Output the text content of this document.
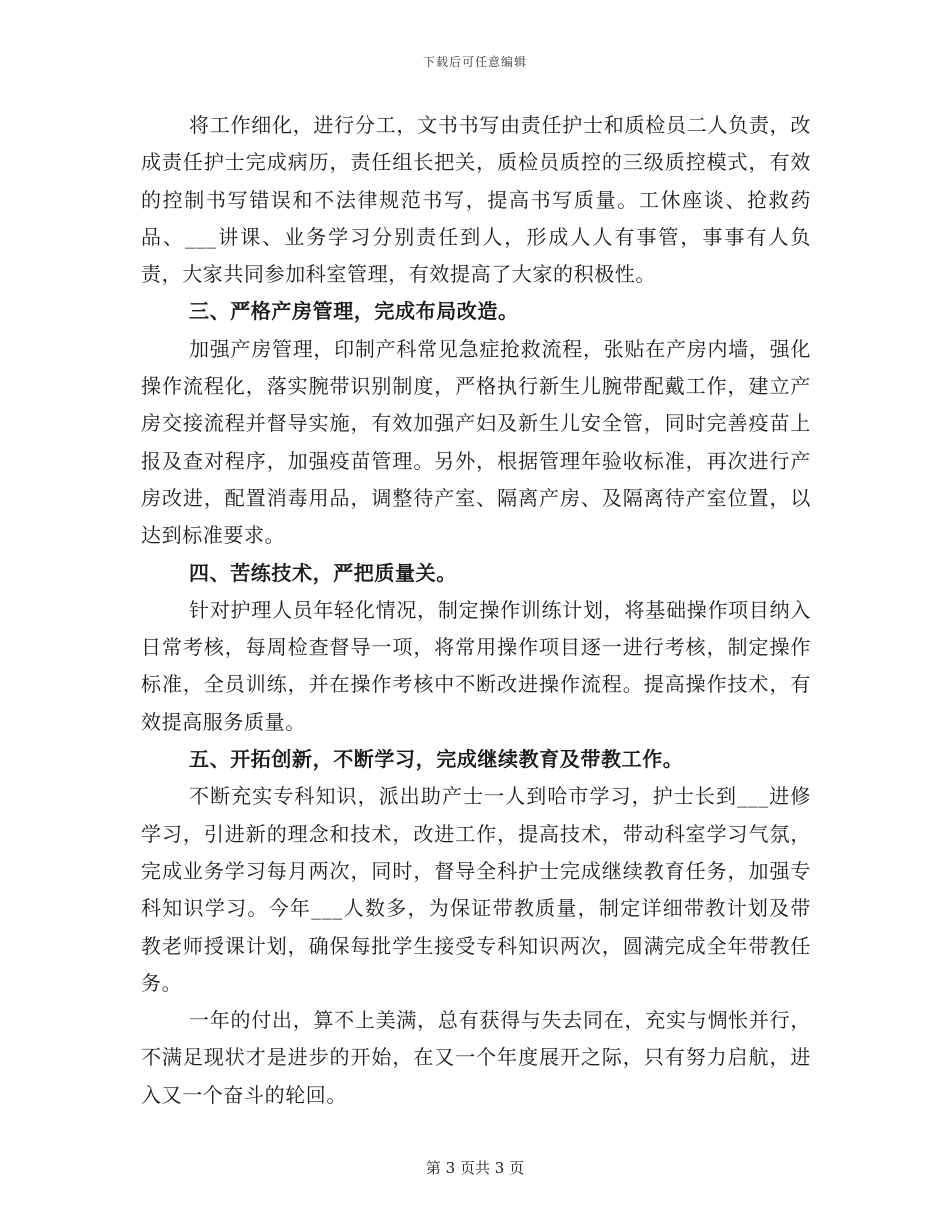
下载后可任意编辑

将工作细化，进行分工，文书书写由责任护士和质检员二人负责，改成责任护士完成病历，责任组长把关，质检员质控的三级质控模式，有效的控制书写错误和不法律规范书写，提高书写质量。工休座谈、抢救药品、___讲课、业务学习分别责任到人，形成人人有事管，事事有人负责，大家共同参加科室管理，有效提高了大家的积极性。

三、严格产房管理，完成布局改造。

加强产房管理，印制产科常见急症抢救流程，张贴在产房内墙，强化操作流程化，落实腕带识别制度，严格执行新生儿腕带配戴工作，建立产房交接流程并督导实施，有效加强产妇及新生儿安全管，同时完善疫苗上报及查对程序，加强疫苗管理。另外，根据管理年验收标准，再次进行产房改进，配置消毒用品，调整待产室、隔离产房、及隔离待产室位置，以达到标准要求。

四、苦练技术，严把质量关。

针对护理人员年轻化情况，制定操作训练计划，将基础操作项目纳入日常考核，每周检查督导一项，将常用操作项目逐一进行考核，制定操作标准，全员训练，并在操作考核中不断改进操作流程。提高操作技术，有效提高服务质量。

五、开拓创新，不断学习，完成继续教育及带教工作。

不断充实专科知识，派出助产士一人到哈市学习，护士长到___进修学习，引进新的理念和技术，改进工作，提高技术，带动科室学习气氛，完成业务学习每月两次，同时，督导全科护士完成继续教育任务，加强专科知识学习。今年___人数多，为保证带教质量，制定详细带教计划及带教老师授课计划，确保每批学生接受专科知识两次，圆满完成全年带教任务。

一年的付出，算不上美满，总有获得与失去同在，充实与惆怅并行，不满足现状才是进步的开始，在又一个年度展开之际，只有努力启航，进入又一个奋斗的轮回。

第 3 页共 3 页
